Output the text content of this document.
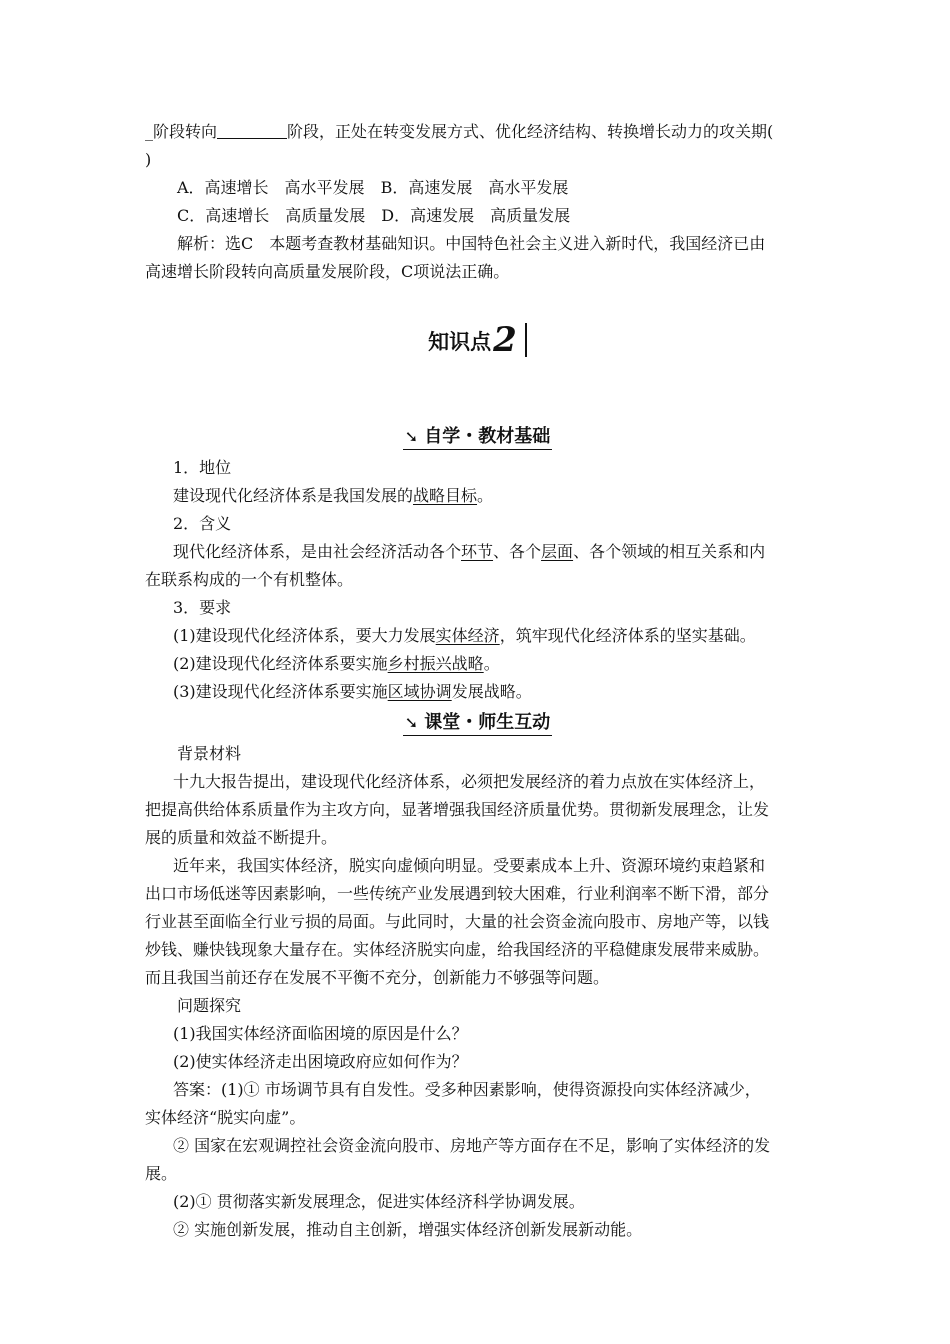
_阶段转向	阶段，正处在转变发展方式、优化经济结构、转换增长动力的攻关期(
)
A．高速增长　高水平发展　 B．高速发展　高水平发展
C．高速增长　高质量发展　 D．高速发展　高质量发展
解析：选C　本题考查教材基础知识。中国特色社会主义进入新时代，我国经济已由
高速增长阶段转向高质量发展阶段，C项说法正确。
知识点2
➘ 自学・教材基础
1．地位
建设现代化经济体系是我国发展的战略目标。
2．含义
现代化经济体系，是由社会经济活动各个环节、各个层面、各个领域的相互关系和内
在联系构成的一个有机整体。
3．要求
(1)建设现代化经济体系，要大力发展实体经济，筑牢现代化经济体系的坚实基础。
(2)建设现代化经济体系要实施乡村振兴战略。
(3)建设现代化经济体系要实施区域协调发展战略。
➘ 课堂・师生互动
背景材料
十九大报告提出，建设现代化经济体系，必须把发展经济的着力点放在实体经济上，
把提高供给体系质量作为主攻方向，显著增强我国经济质量优势。贯彻新发展理念，让发
展的质量和效益不断提升。
近年来，我国实体经济，脱实向虚倾向明显。受要素成本上升、资源环境约束趋紧和
出口市场低迷等因素影响，一些传统产业发展遇到较大困难，行业利润率不断下滑，部分
行业甚至面临全行业亏损的局面。与此同时，大量的社会资金流向股市、房地产等，以钱
炒钱、赚快钱现象大量存在。实体经济脱实向虚，给我国经济的平稳健康发展带来威胁。
而且我国当前还存在发展不平衡不充分，创新能力不够强等问题。
问题探究
(1)我国实体经济面临困境的原因是什么？
(2)使实体经济走出困境政府应如何作为？
答案：(1)① 市场调节具有自发性。受多种因素影响，使得资源投向实体经济减少，
实体经济“脱实向虚”。
② 国家在宏观调控社会资金流向股市、房地产等方面存在不足，影响了实体经济的发
展。
(2)① 贯彻落实新发展理念，促进实体经济科学协调发展。
② 实施创新发展，推动自主创新，增强实体经济创新发展新动能。
